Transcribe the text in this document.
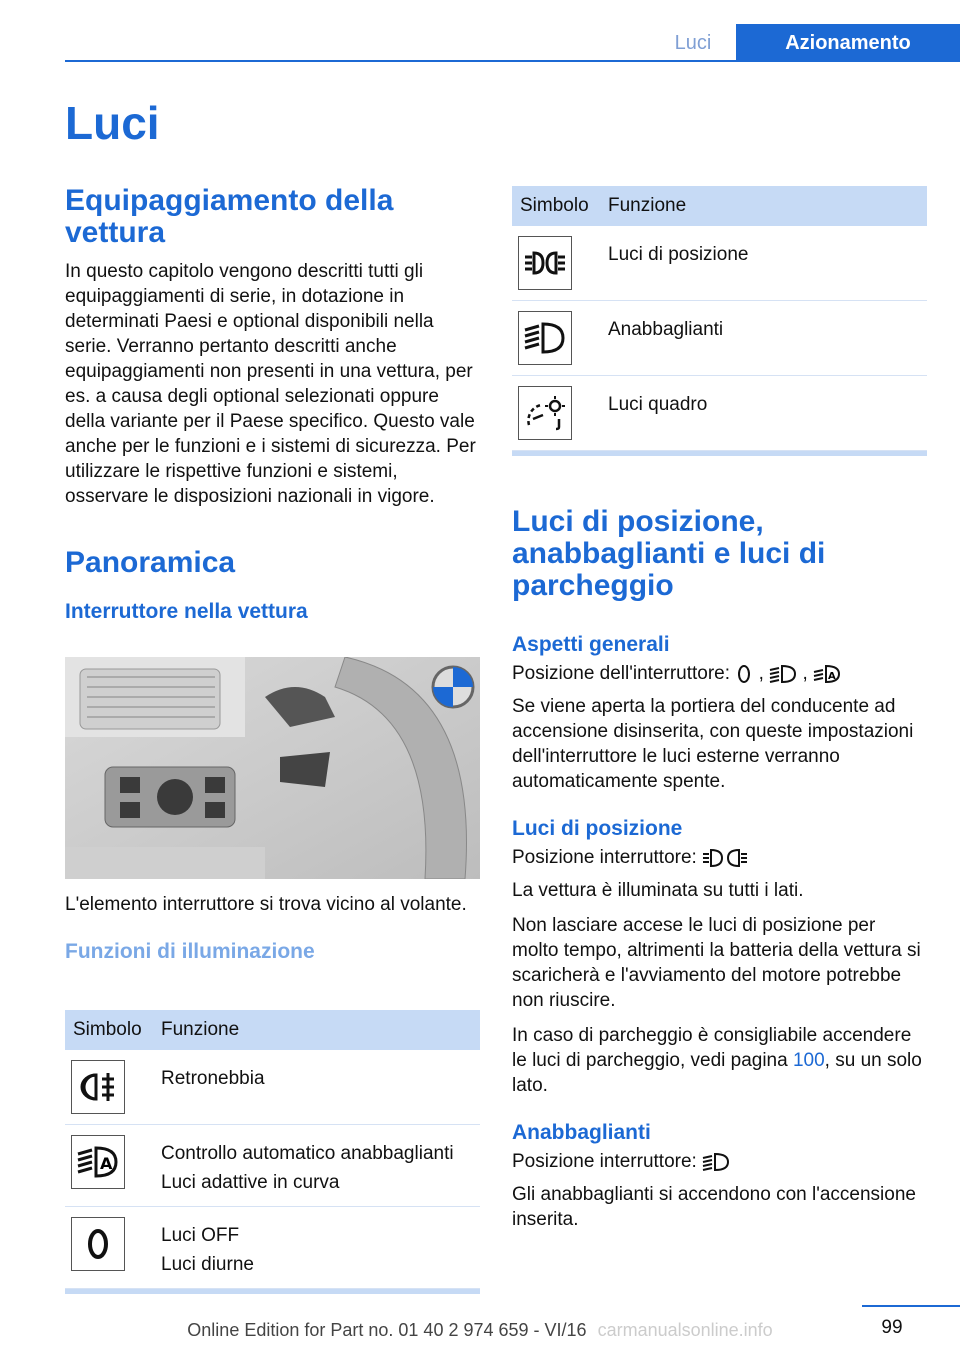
Luci	Azionamento
Luci
Equipaggiamento della vettura

In questo capitolo vengono descritti tutti gli equipaggiamenti di serie, in dotazione in determinati Paesi e optional disponibili nella serie. Verranno pertanto descritti anche equipaggiamenti non presenti in una vettura, per es. a causa degli optional selezionati oppure della variante per il Paese specifico. Questo vale anche per le funzioni e i sistemi di sicurezza. Per utilizzare le rispettive funzioni e sistemi, osservare le disposizioni nazionali in vigore.

Panoramica
Interruttore nella vettura

L'elemento interruttore si trova vicino al volante.

Funzioni di illuminazione
Simbolo	Funzione

Retronebbia

A	Controllo automatico anabbaglianti
Luci adattive in curva

Luci OFF
Luci diurne
Simbolo	Funzione

Luci di posizione

Anabbaglianti

Luci quadro
Luci di posizione, anabbaglianti e luci di parcheggio
Aspetti generali

Posizione dell'interruttore: , , A

Se viene aperta la portiera del conducente ad accensione disinserita, con queste impostazioni dell'interruttore le luci esterne verranno automaticamente spente.

Luci di posizione

Posizione interruttore:

La vettura è illuminata su tutti i lati.

Non lasciare accese le luci di posizione per molto tempo, altrimenti la batteria della vettura si scaricherà e l'avviamento del motore potrebbe non riuscire.

In caso di parcheggio è consigliabile accendere le luci di parcheggio, vedi pagina 100, su un solo lato.

Anabbaglianti

Posizione interruttore:

Gli anabbaglianti si accendono con l'accensione inserita.

99
Online Edition for Part no. 01 40 2 974 659 - VI/16 carmanualsonline.info
